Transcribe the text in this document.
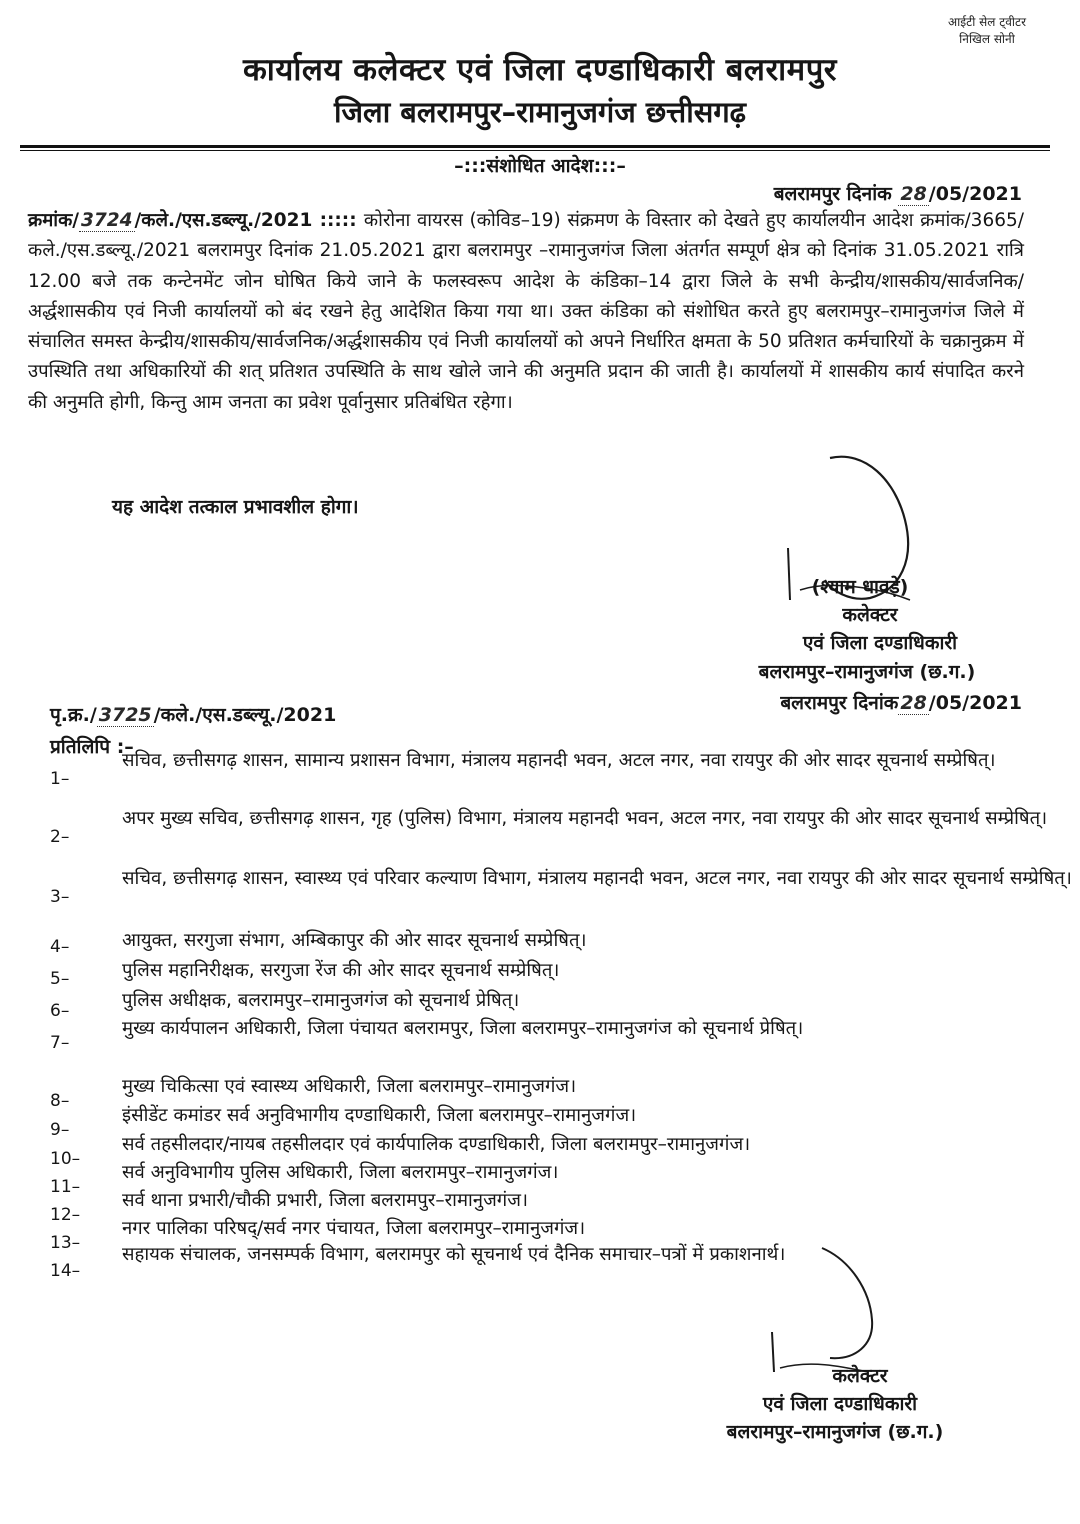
आईटी सेल ट्वीटर
निखिल सोनी
कार्यालय कलेक्टर एवं जिला दण्डाधिकारी बलरामपुर
जिला बलरामपुर–रामानुजगंज छत्तीसगढ़
–:::संशोधित आदेश:::–
बलरामपुर दिनांक 28 /05/2021
क्रमांक/ 3724 /कले./एस.डब्ल्यू./2021 ::::: कोरोना वायरस (कोविड–19) संक्रमण के विस्तार को देखते हुए कार्यालयीन आदेश क्रमांक/3665/कले./एस.डब्ल्यू./2021 बलरामपुर दिनांक 21.05.2021 द्वारा बलरामपुर –रामानुजगंज जिला अंतर्गत सम्पूर्ण क्षेत्र को दिनांक 31.05.2021 रात्रि 12.00 बजे तक कन्टेनमेंट जोन घोषित किये जाने के फलस्वरूप आदेश के कंडिका–14 द्वारा जिले के सभी केन्द्रीय/शासकीय/सार्वजनिक/अर्द्धशासकीय एवं निजी कार्यालयों को बंद रखने हेतु आदेशित किया गया था। उक्त कंडिका को संशोधित करते हुए बलरामपुर–रामानुजगंज जिले में संचालित समस्त केन्द्रीय/शासकीय/सार्वजनिक/अर्द्धशासकीय एवं निजी कार्यालयों को अपने निर्धारित क्षमता के 50 प्रतिशत कर्मचारियों के चक्रानुक्रम में उपस्थिति तथा अधिकारियों की शत् प्रतिशत उपस्थिति के साथ खोले जाने की अनुमति प्रदान की जाती है। कार्यालयों में शासकीय कार्य संपादित करने की अनुमति होगी, किन्तु आम जनता का प्रवेश पूर्वानुसार प्रतिबंधित रहेगा।
यह आदेश तत्काल प्रभावशील होगा।
(श्याम धावड़े)
कलेक्टर
एवं जिला दण्डाधिकारी
बलरामपुर–रामानुजगंज (छ.ग.)
बलरामपुर दिनांक 28 /05/2021
पृ.क्र./ 3725 /कले./एस.डब्ल्यू./2021
प्रतिलिपि :–
1–
सचिव, छत्तीसगढ़ शासन, सामान्य प्रशासन विभाग, मंत्रालय महानदी भवन, अटल नगर, नवा रायपुर की ओर सादर सूचनार्थ सम्प्रेषित्।
2–
अपर मुख्य सचिव, छत्तीसगढ़ शासन, गृह (पुलिस) विभाग, मंत्रालय महानदी भवन, अटल नगर, नवा रायपुर की ओर सादर सूचनार्थ सम्प्रेषित्।
3–
सचिव, छत्तीसगढ़ शासन, स्वास्थ्य एवं परिवार कल्याण विभाग, मंत्रालय महानदी भवन, अटल नगर, नवा रायपुर की ओर सादर सूचनार्थ सम्प्रेषित्।
4–	आयुक्त, सरगुजा संभाग, अम्बिकापुर की ओर सादर सूचनार्थ सम्प्रेषित्।
5–	पुलिस महानिरीक्षक, सरगुजा रेंज की ओर सादर सूचनार्थ सम्प्रेषित्।
6–	पुलिस अधीक्षक, बलरामपुर–रामानुजगंज को सूचनार्थ प्रेषित्।
7–
मुख्य कार्यपालन अधिकारी, जिला पंचायत बलरामपुर, जिला बलरामपुर–रामानुजगंज को सूचनार्थ प्रेषित्।
8–
मुख्य चिकित्सा एवं स्वास्थ्य अधिकारी, जिला बलरामपुर–रामानुजगंज।
9–
इंसीडेंट कमांडर सर्व अनुविभागीय दण्डाधिकारी, जिला बलरामपुर–रामानुजगंज।
10–
सर्व तहसीलदार/नायब तहसीलदार एवं कार्यपालिक दण्डाधिकारी, जिला बलरामपुर–रामानुजगंज।
11–
सर्व अनुविभागीय पुलिस अधिकारी, जिला बलरामपुर–रामानुजगंज।
12–
सर्व थाना प्रभारी/चौकी प्रभारी, जिला बलरामपुर–रामानुजगंज।
13–
नगर पालिका परिषद्/सर्व नगर पंचायत, जिला बलरामपुर–रामानुजगंज।
14–
सहायक संचालक, जनसम्पर्क विभाग, बलरामपुर को सूचनार्थ एवं दैनिक समाचार–पत्रों में प्रकाशनार्थ।
कलेक्टर
एवं जिला दण्डाधिकारी
बलरामपुर–रामानुजगंज (छ.ग.)
